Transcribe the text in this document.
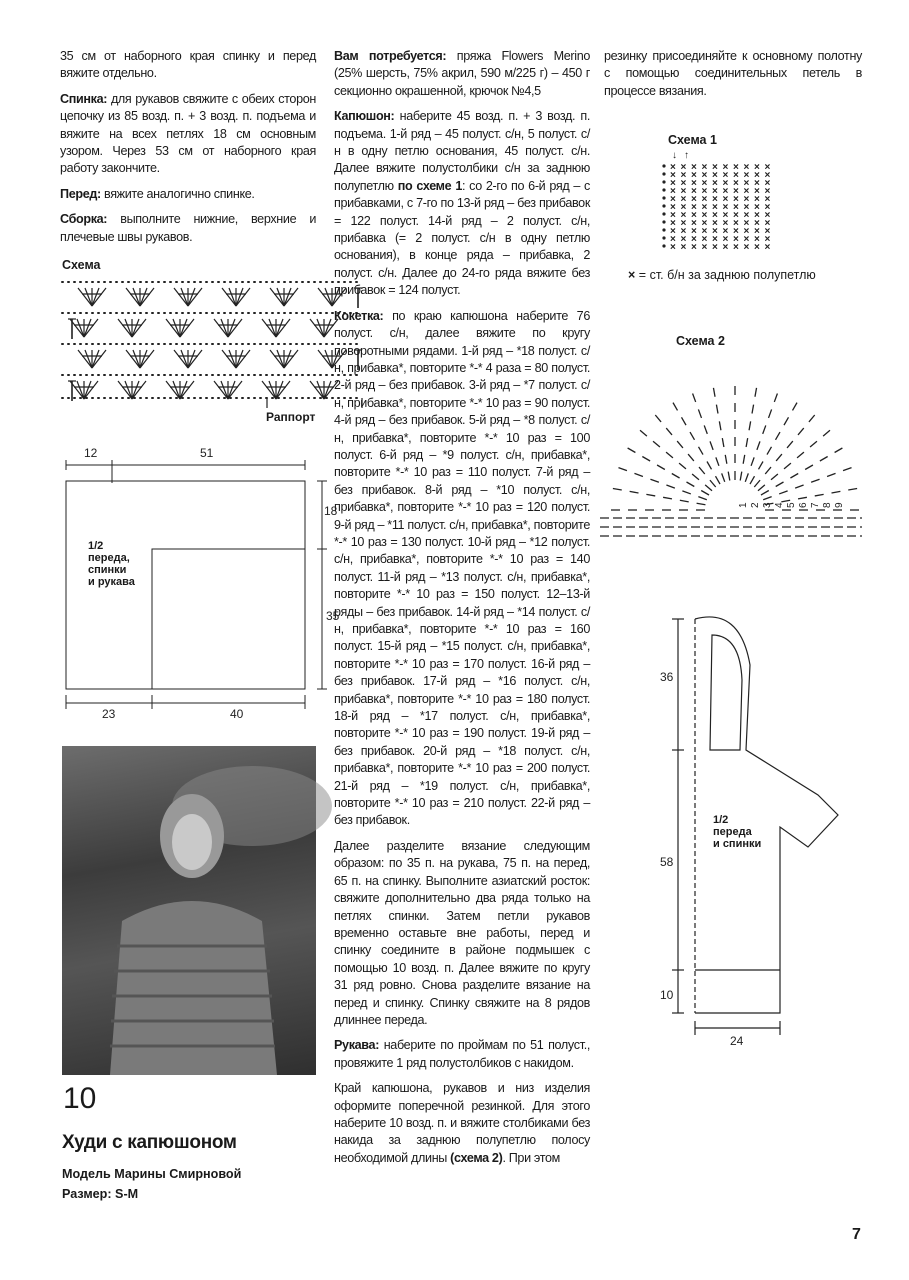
35 см от наборного края спинку и перед вяжите отдельно.

Спинка: для рукавов свяжите с обеих сторон цепочку из 85 возд. п. + 3 возд. п. подъема и вяжите на всех петлях 18 см основным узором. Через 53 см от наборного края работу закончите.

Перед: вяжите аналогично спинке.

Сборка: выполните нижние, верхние и плечевые швы рукавов.

Схема
Раппорт
12	51
18
35
23	40
1/2
переда,
спинки
и рукава
10
Худи с капюшоном
Модель Марины Смирновой
Размер: S-M

Вам потребуется: пряжа Flowers Merino (25% шерсть, 75% акрил, 590 м/225 г) – 450 г секционно окрашенной, крючок №4,5

Капюшон: наберите 45 возд. п. + 3 возд. п. подъема. 1-й ряд – 45 полуст. с/н, 5 полуст. с/н в одну петлю основания, 45 полуст. с/н. Далее вяжите полустолбики с/н за заднюю полупетлю по схеме 1: со 2-го по 6-й ряд – с прибавками, с 7-го по 13-й ряд – без прибавок = 122 полуст. 14-й ряд – 2 полуст. с/н, прибавка (= 2 полуст. с/н в одну петлю основания), в конце ряда – прибавка, 2 полуст. с/н. Далее до 24-го ряда вяжите без прибавок = 124 полуст.

Кокетка: по краю капюшона наберите 76 полуст. с/н, далее вяжите по кругу поворотными рядами. 1-й ряд – *18 полуст. с/н, прибавка*, повторите *-* 4 раза = 80 полуст. 2-й ряд – без прибавок. 3-й ряд – *7 полуст. с/н, прибавка*, повторите *-* 10 раз = 90 полуст. 4-й ряд – без прибавок. 5-й ряд – *8 полуст. с/н, прибавка*, повторите *-* 10 раз = 100 полуст. 6-й ряд – *9 полуст. с/н, прибавка*, повторите *-* 10 раз = 110 полуст. 7-й ряд – без прибавок. 8-й ряд – *10 полуст. с/н, прибавка*, повторите *-* 10 раз = 120 полуст. 9-й ряд – *11 полуст. с/н, прибавка*, повторите *-* 10 раз = 130 полуст. 10-й ряд – *12 полуст. с/н, прибавка*, повторите *-* 10 раз = 140 полуст. 11-й ряд – *13 полуст. с/н, прибавка*, повторите *-* 10 раз = 150 полуст. 12–13-й ряды – без прибавок. 14-й ряд – *14 полуст. с/н, прибавка*, повторите *-* 10 раз = 160 полуст. 15-й ряд – *15 полуст. с/н, прибавка*, повторите *-* 10 раз = 170 полуст. 16-й ряд – без прибавок. 17-й ряд – *16 полуст. с/н, прибавка*, повторите *-* 10 раз = 180 полуст. 18-й ряд – *17 полуст. с/н, прибавка*, повторите *-* 10 раз = 190 полуст. 19-й ряд – без прибавок. 20-й ряд – *18 полуст. с/н, прибавка*, повторите *-* 10 раз = 200 полуст. 21-й ряд – *19 полуст. с/н, прибавка*, повторите *-* 10 раз = 210 полуст. 22-й ряд – без прибавок.

Далее разделите вязание следующим образом: по 35 п. на рукава, 75 п. на перед, 65 п. на спинку. Выполните азиатский росток: свяжите дополнительно два ряда только на петлях спинки. Затем петли рукавов временно оставьте вне работы, перед и спинку соедините в районе подмышек с помощью 10 возд. п. Далее вяжите по кругу 31 ряд ровно. Снова разделите вязание на перед и спинку. Спинку свяжите на 8 рядов длиннее переда.

Рукава: наберите по проймам по 51 полуст., провяжите 1 ряд полустолбиков с накидом.

Край капюшона, рукавов и низ изделия оформите поперечной резинкой. Для этого наберите 10 возд. п. и вяжите столбиками без накида за заднюю полупетлю полосу необходимой длины (схема 2). При этом

резинку присоединяйте к основному полотну с помощью соединительных петель в процессе вязания.

Схема 1
↓ ↑
× × × × × × × × × ×
× × × × × × × × × ×
× × × × × × × × × ×
× × × × × × × × × ×
× × × × × × × × × ×
× × × × × × × × × ×
× × × × × × × × × ×
× × × × × × × × × ×
× × × × × × × × × ×
× × × × × × × × × ×
× × × × × × × × × ×
× = ст. б/н за заднюю полупетлю
Схема 2
1 2 3 4 5 6 7 8 9
36
58
10
24
1/2
переда
и спинки
7
